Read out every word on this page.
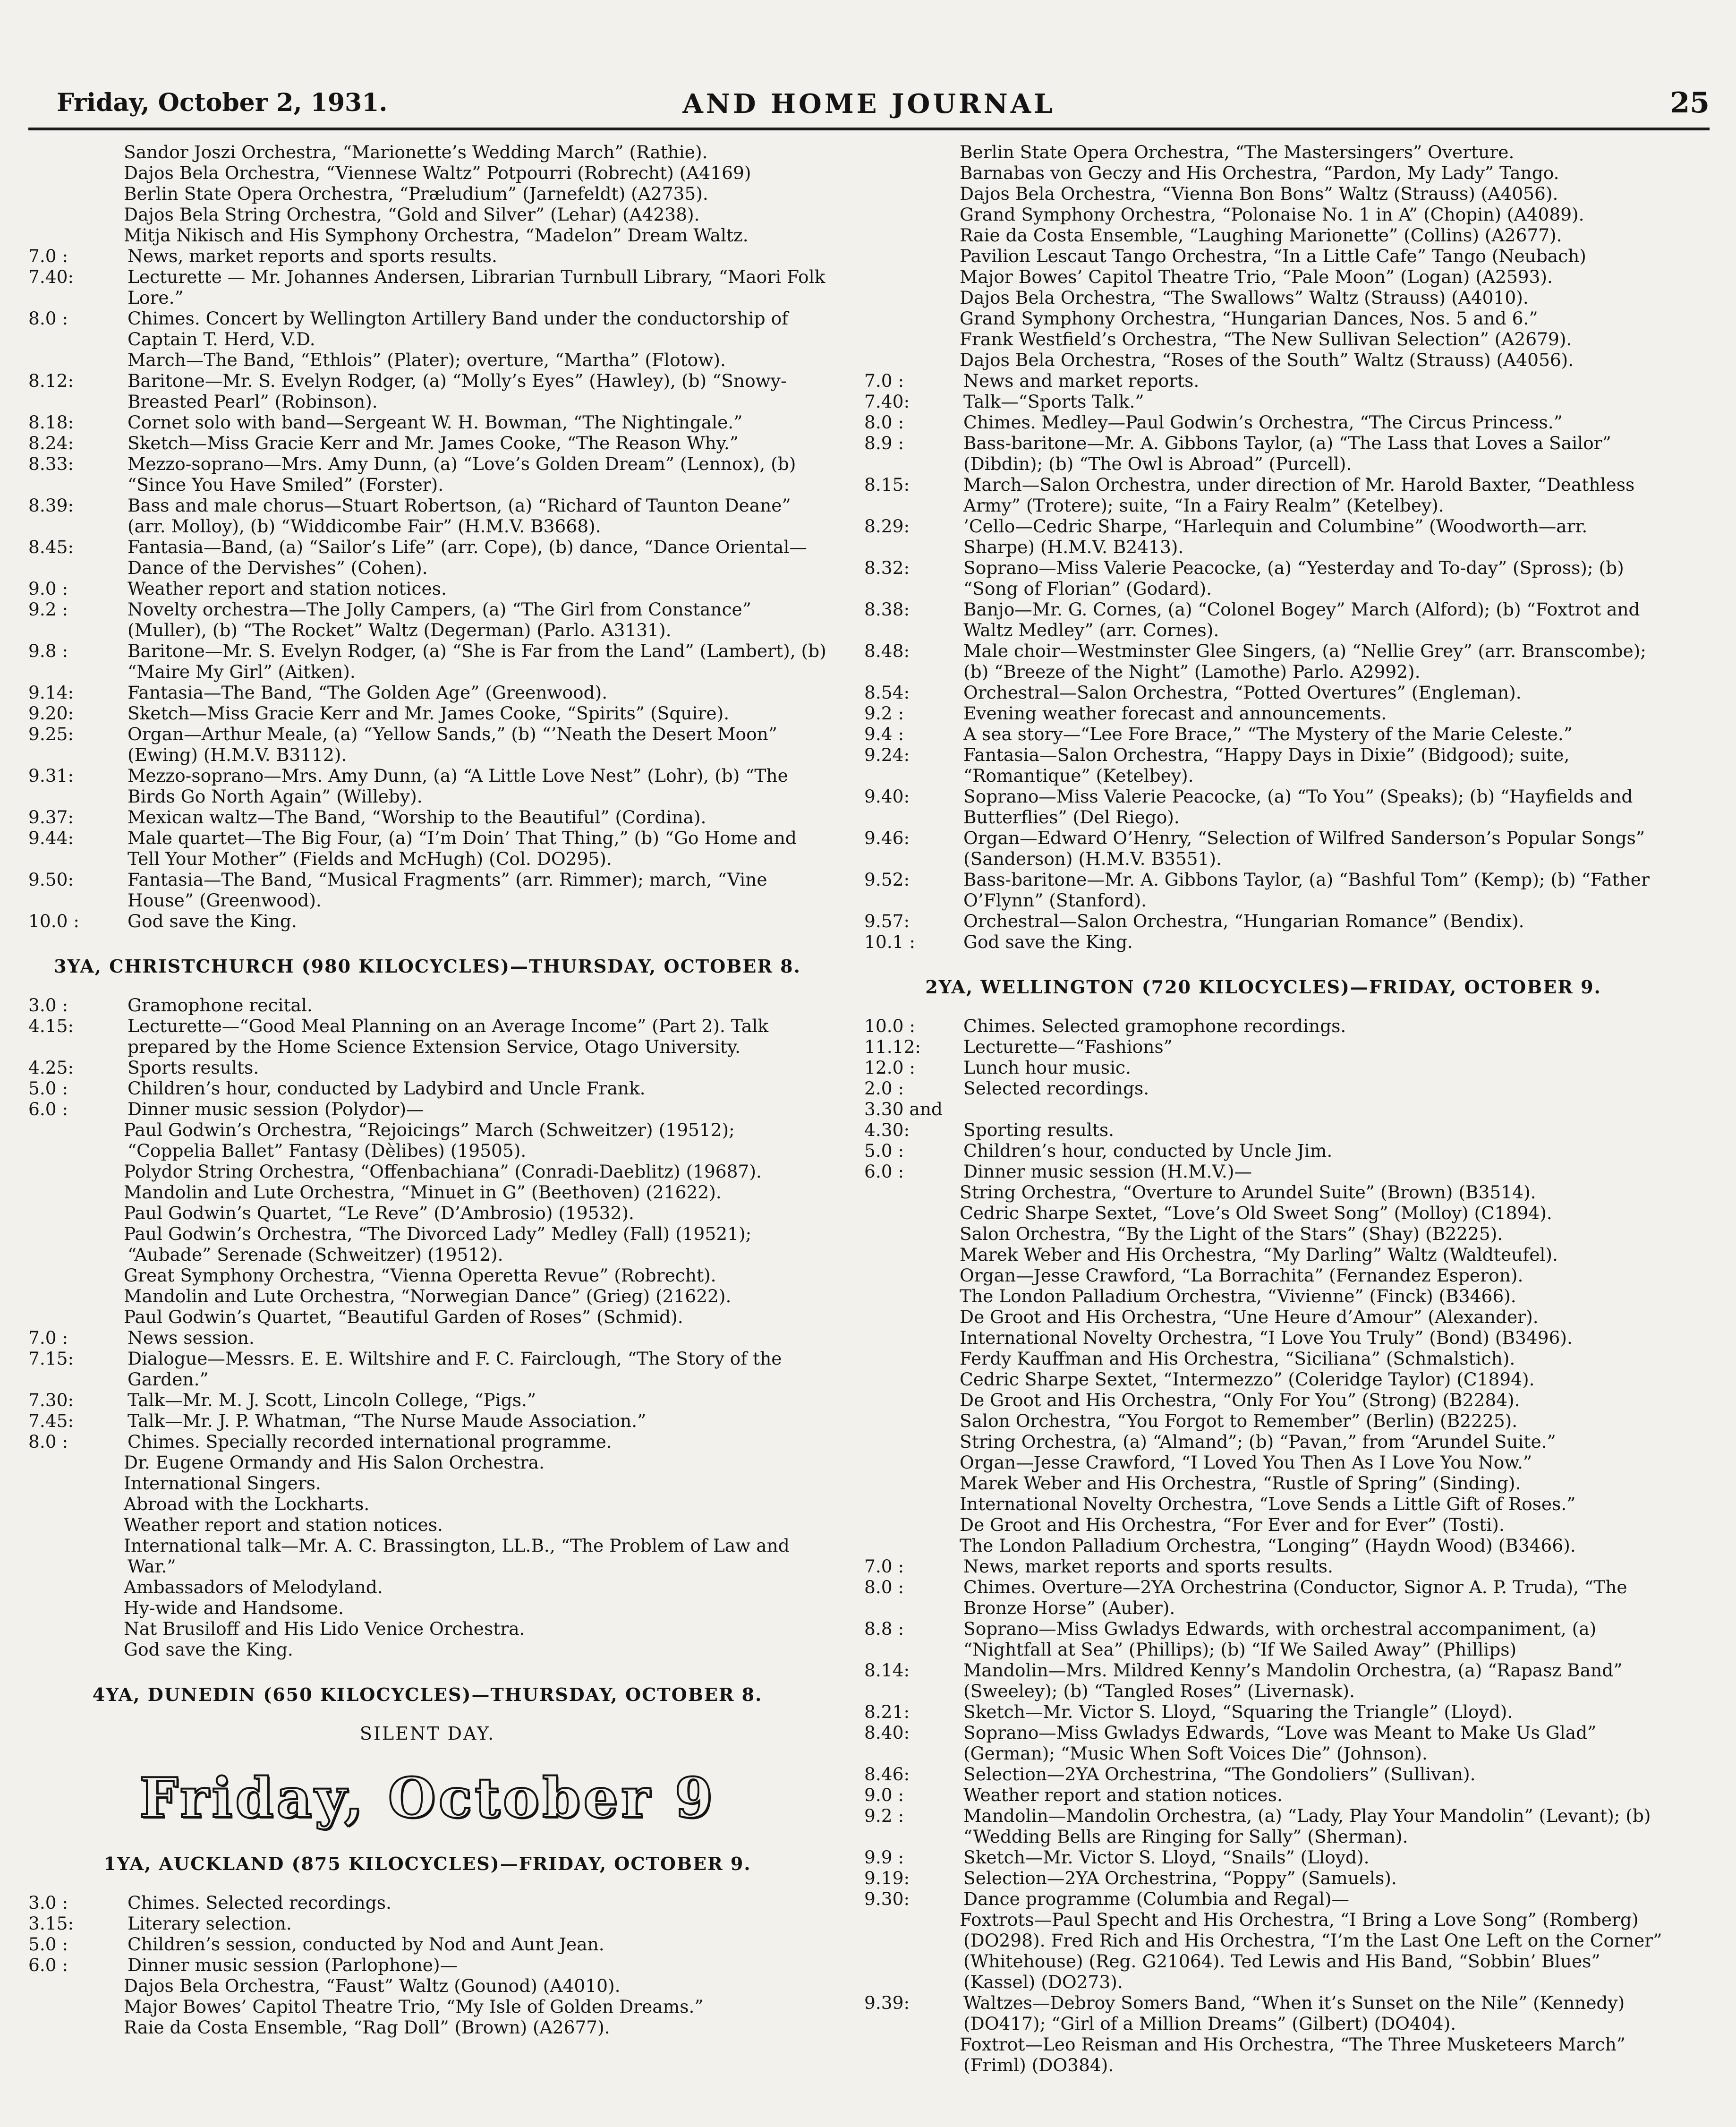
Friday, October 2, 1931.	AND HOME JOURNAL	25
Sandor Joszi Orchestra, “Marionette’s Wedding March” (Rathie).
Dajos Bela Orchestra, “Viennese Waltz” Potpourri (Robrecht) (A4169)
Berlin State Opera Orchestra, “Præludium” (Jarnefeldt) (A2735).
Dajos Bela String Orchestra, “Gold and Silver” (Lehar) (A4238).
Mitja Nikisch and His Symphony Orchestra, “Madelon” Dream Waltz.
7.0 :	News, market reports and sports results.
7.40:	Lecturette — Mr. Johannes Andersen, Librarian Turnbull Library, “Maori Folk Lore.”
8.0 :	Chimes. Concert by Wellington Artillery Band under the conductorship of Captain T. Herd, V.D.
March—The Band, “Ethlois” (Plater); overture, “Martha” (Flotow).
8.12:	Baritone—Mr. S. Evelyn Rodger, (a) “Molly’s Eyes” (Hawley), (b) “Snowy-Breasted Pearl” (Robinson).
8.18:	Cornet solo with band—Sergeant W. H. Bowman, “The Nightingale.”
8.24:	Sketch—Miss Gracie Kerr and Mr. James Cooke, “The Reason Why.”
8.33:	Mezzo-soprano—Mrs. Amy Dunn, (a) “Love’s Golden Dream” (Lennox), (b) “Since You Have Smiled” (Forster).
8.39:	Bass and male chorus—Stuart Robertson, (a) “Richard of Taunton Deane” (arr. Molloy), (b) “Widdicombe Fair” (H.M.V. B3668).
8.45:	Fantasia—Band, (a) “Sailor’s Life” (arr. Cope), (b) dance, “Dance Oriental—Dance of the Dervishes” (Cohen).
9.0 :	Weather report and station notices.
9.2 :	Novelty orchestra—The Jolly Campers, (a) “The Girl from Constance” (Muller), (b) “The Rocket” Waltz (Degerman) (Parlo. A3131).
9.8 :	Baritone—Mr. S. Evelyn Rodger, (a) “She is Far from the Land” (Lambert), (b) “Maire My Girl” (Aitken).
9.14:	Fantasia—The Band, “The Golden Age” (Greenwood).
9.20:	Sketch—Miss Gracie Kerr and Mr. James Cooke, “Spirits” (Squire).
9.25:	Organ—Arthur Meale, (a) “Yellow Sands,” (b) “’Neath the Desert Moon” (Ewing) (H.M.V. B3112).
9.31:	Mezzo-soprano—Mrs. Amy Dunn, (a) “A Little Love Nest” (Lohr), (b) “The Birds Go North Again” (Willeby).
9.37:	Mexican waltz—The Band, “Worship to the Beautiful” (Cordina).
9.44:	Male quartet—The Big Four, (a) “I’m Doin’ That Thing,” (b) “Go Home and Tell Your Mother” (Fields and McHugh) (Col. DO295).
9.50:	Fantasia—The Band, “Musical Fragments” (arr. Rimmer); march, “Vine House” (Greenwood).
10.0 :	God save the King.
3YA, CHRISTCHURCH (980 KILOCYCLES)—THURSDAY, OCTOBER 8.
3.0 :	Gramophone recital.
4.15:	Lecturette—“Good Meal Planning on an Average Income” (Part 2). Talk prepared by the Home Science Extension Service, Otago University.
4.25:	Sports results.
5.0 :	Children’s hour, conducted by Ladybird and Uncle Frank.
6.0 :	Dinner music session (Polydor)—
Paul Godwin’s Orchestra, “Rejoicings” March (Schweitzer) (19512); “Coppelia Ballet” Fantasy (Dèlibes) (19505).
Polydor String Orchestra, “Offenbachiana” (Conradi-Daeblitz) (19687).
Mandolin and Lute Orchestra, “Minuet in G” (Beethoven) (21622).
Paul Godwin’s Quartet, “Le Reve” (D’Ambrosio) (19532).
Paul Godwin’s Orchestra, “The Divorced Lady” Medley (Fall) (19521); “Aubade” Serenade (Schweitzer) (19512).
Great Symphony Orchestra, “Vienna Operetta Revue” (Robrecht).
Mandolin and Lute Orchestra, “Norwegian Dance” (Grieg) (21622).
Paul Godwin’s Quartet, “Beautiful Garden of Roses” (Schmid).
7.0 :	News session.
7.15:	Dialogue—Messrs. E. E. Wiltshire and F. C. Fairclough, “The Story of the Garden.”
7.30:	Talk—Mr. M. J. Scott, Lincoln College, “Pigs.”
7.45:	Talk—Mr. J. P. Whatman, “The Nurse Maude Association.”
8.0 :	Chimes. Specially recorded international programme.
Dr. Eugene Ormandy and His Salon Orchestra.
International Singers.
Abroad with the Lockharts.
Weather report and station notices.
International talk—Mr. A. C. Brassington, LL.B., “The Problem of Law and War.”
Ambassadors of Melodyland.
Hy-wide and Handsome.
Nat Brusiloff and His Lido Venice Orchestra.
God save the King.
4YA, DUNEDIN (650 KILOCYCLES)—THURSDAY, OCTOBER 8.
SILENT DAY.
Friday, October 9
1YA, AUCKLAND (875 KILOCYCLES)—FRIDAY, OCTOBER 9.
3.0 :	Chimes. Selected recordings.
3.15:	Literary selection.
5.0 :	Children’s session, conducted by Nod and Aunt Jean.
6.0 :	Dinner music session (Parlophone)—
Dajos Bela Orchestra, “Faust” Waltz (Gounod) (A4010).
Major Bowes’ Capitol Theatre Trio, “My Isle of Golden Dreams.”
Raie da Costa Ensemble, “Rag Doll” (Brown) (A2677).
Berlin State Opera Orchestra, “The Mastersingers” Overture.
Barnabas von Geczy and His Orchestra, “Pardon, My Lady” Tango.
Dajos Bela Orchestra, “Vienna Bon Bons” Waltz (Strauss) (A4056).
Grand Symphony Orchestra, “Polonaise No. 1 in A” (Chopin) (A4089).
Raie da Costa Ensemble, “Laughing Marionette” (Collins) (A2677).
Pavilion Lescaut Tango Orchestra, “In a Little Cafe” Tango (Neubach)
Major Bowes’ Capitol Theatre Trio, “Pale Moon” (Logan) (A2593).
Dajos Bela Orchestra, “The Swallows” Waltz (Strauss) (A4010).
Grand Symphony Orchestra, “Hungarian Dances, Nos. 5 and 6.”
Frank Westfield’s Orchestra, “The New Sullivan Selection” (A2679).
Dajos Bela Orchestra, “Roses of the South” Waltz (Strauss) (A4056).
7.0 :	News and market reports.
7.40:	Talk—“Sports Talk.”
8.0 :	Chimes. Medley—Paul Godwin’s Orchestra, “The Circus Princess.”
8.9 :	Bass-baritone—Mr. A. Gibbons Taylor, (a) “The Lass that Loves a Sailor” (Dibdin); (b) “The Owl is Abroad” (Purcell).
8.15:	March—Salon Orchestra, under direction of Mr. Harold Baxter, “Deathless Army” (Trotere); suite, “In a Fairy Realm” (Ketelbey).
8.29:	’Cello—Cedric Sharpe, “Harlequin and Columbine” (Woodworth—arr. Sharpe) (H.M.V. B2413).
8.32:	Soprano—Miss Valerie Peacocke, (a) “Yesterday and To-day” (Spross); (b) “Song of Florian” (Godard).
8.38:	Banjo—Mr. G. Cornes, (a) “Colonel Bogey” March (Alford); (b) “Foxtrot and Waltz Medley” (arr. Cornes).
8.48:	Male choir—Westminster Glee Singers, (a) “Nellie Grey” (arr. Branscombe); (b) “Breeze of the Night” (Lamothe) Parlo. A2992).
8.54:	Orchestral—Salon Orchestra, “Potted Overtures” (Engleman).
9.2 :	Evening weather forecast and announcements.
9.4 :	A sea story—“Lee Fore Brace,” “The Mystery of the Marie Celeste.”
9.24:	Fantasia—Salon Orchestra, “Happy Days in Dixie” (Bidgood); suite, “Romantique” (Ketelbey).
9.40:	Soprano—Miss Valerie Peacocke, (a) “To You” (Speaks); (b) “Hayfields and Butterflies” (Del Riego).
9.46:	Organ—Edward O’Henry, “Selection of Wilfred Sanderson’s Popular Songs” (Sanderson) (H.M.V. B3551).
9.52:	Bass-baritone—Mr. A. Gibbons Taylor, (a) “Bashful Tom” (Kemp); (b) “Father O’Flynn” (Stanford).
9.57:	Orchestral—Salon Orchestra, “Hungarian Romance” (Bendix).
10.1 :	God save the King.
2YA, WELLINGTON (720 KILOCYCLES)—FRIDAY, OCTOBER 9.
10.0 :	Chimes. Selected gramophone recordings.
11.12: Lecturette—“Fashions”
12.0 :	Lunch hour music.
2.0 :	Selected recordings.
3.30 and 4.30:	Sporting results.
5.0 :	Children’s hour, conducted by Uncle Jim.
6.0 :	Dinner music session (H.M.V.)—
String Orchestra, “Overture to Arundel Suite” (Brown) (B3514).
Cedric Sharpe Sextet, “Love’s Old Sweet Song” (Molloy) (C1894).
Salon Orchestra, “By the Light of the Stars” (Shay) (B2225).
Marek Weber and His Orchestra, “My Darling” Waltz (Waldteufel).
Organ—Jesse Crawford, “La Borrachita” (Fernandez Esperon).
The London Palladium Orchestra, “Vivienne” (Finck) (B3466).
De Groot and His Orchestra, “Une Heure d’Amour” (Alexander).
International Novelty Orchestra, “I Love You Truly” (Bond) (B3496).
Ferdy Kauffman and His Orchestra, “Siciliana” (Schmalstich).
Cedric Sharpe Sextet, “Intermezzo” (Coleridge Taylor) (C1894).
De Groot and His Orchestra, “Only For You” (Strong) (B2284).
Salon Orchestra, “You Forgot to Remember” (Berlin) (B2225).
String Orchestra, (a) “Almand”; (b) “Pavan,” from “Arundel Suite.”
Organ—Jesse Crawford, “I Loved You Then As I Love You Now.”
Marek Weber and His Orchestra, “Rustle of Spring” (Sinding).
International Novelty Orchestra, “Love Sends a Little Gift of Roses.”
De Groot and His Orchestra, “For Ever and for Ever” (Tosti).
The London Palladium Orchestra, “Longing” (Haydn Wood) (B3466).
7.0 :	News, market reports and sports results.
8.0 :	Chimes. Overture—2YA Orchestrina (Conductor, Signor A. P. Truda), “The Bronze Horse” (Auber).
8.8 :	Soprano—Miss Gwladys Edwards, with orchestral accompaniment, (a) “Nightfall at Sea” (Phillips); (b) “If We Sailed Away” (Phillips)
8.14:	Mandolin—Mrs. Mildred Kenny’s Mandolin Orchestra, (a) “Rapasz Band” (Sweeley); (b) “Tangled Roses” (Livernask).
8.21:	Sketch—Mr. Victor S. Lloyd, “Squaring the Triangle” (Lloyd).
8.40:	Soprano—Miss Gwladys Edwards, “Love was Meant to Make Us Glad” (German); “Music When Soft Voices Die” (Johnson).
8.46:	Selection—2YA Orchestrina, “The Gondoliers” (Sullivan).
9.0 :	Weather report and station notices.
9.2 :	Mandolin—Mandolin Orchestra, (a) “Lady, Play Your Mandolin” (Levant); (b) “Wedding Bells are Ringing for Sally” (Sherman).
9.9 :	Sketch—Mr. Victor S. Lloyd, “Snails” (Lloyd).
9.19:	Selection—2YA Orchestrina, “Poppy” (Samuels).
9.30:	Dance programme (Columbia and Regal)—
Foxtrots—Paul Specht and His Orchestra, “I Bring a Love Song” (Romberg) (DO298). Fred Rich and His Orchestra, “I’m the Last One Left on the Corner” (Whitehouse) (Reg. G21064). Ted Lewis and His Band, “Sobbin’ Blues” (Kassel) (DO273).
9.39:	Waltzes—Debroy Somers Band, “When it’s Sunset on the Nile” (Kennedy) (DO417); “Girl of a Million Dreams” (Gilbert) (DO404).
Foxtrot—Leo Reisman and His Orchestra, “The Three Musketeers March” (Friml) (DO384).
